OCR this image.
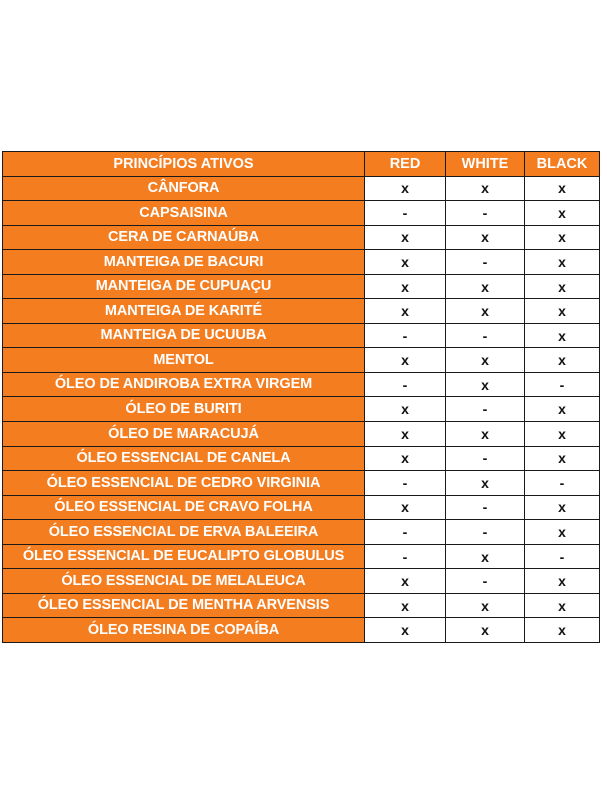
PRINCÍPIOS ATIVOS	RED	WHITE	BLACK
CÂNFORA	x	x	x
CAPSAISINA	-	-	x
CERA DE CARNAÚBA	x	x	x
MANTEIGA DE BACURI	x	-	x
MANTEIGA DE CUPUAÇU	x	x	x
MANTEIGA DE KARITÉ	x	x	x
MANTEIGA DE UCUUBA	-	-	x
MENTOL	x	x	x
ÓLEO DE ANDIROBA EXTRA VIRGEM	-	x	-
ÓLEO DE BURITI	x	-	x
ÓLEO DE MARACUJÁ	x	x	x
ÓLEO ESSENCIAL DE CANELA	x	-	x
ÓLEO ESSENCIAL DE CEDRO VIRGINIA	-	x	-
ÓLEO ESSENCIAL DE CRAVO FOLHA	x	-	x
ÓLEO ESSENCIAL DE ERVA BALEEIRA	-	-	x
ÓLEO ESSENCIAL DE EUCALIPTO GLOBULUS	-	x	-
ÓLEO ESSENCIAL DE MELALEUCA	x	-	x
ÓLEO ESSENCIAL DE MENTHA ARVENSIS	x	x	x
ÓLEO RESINA DE COPAÍBA	x	x	x
